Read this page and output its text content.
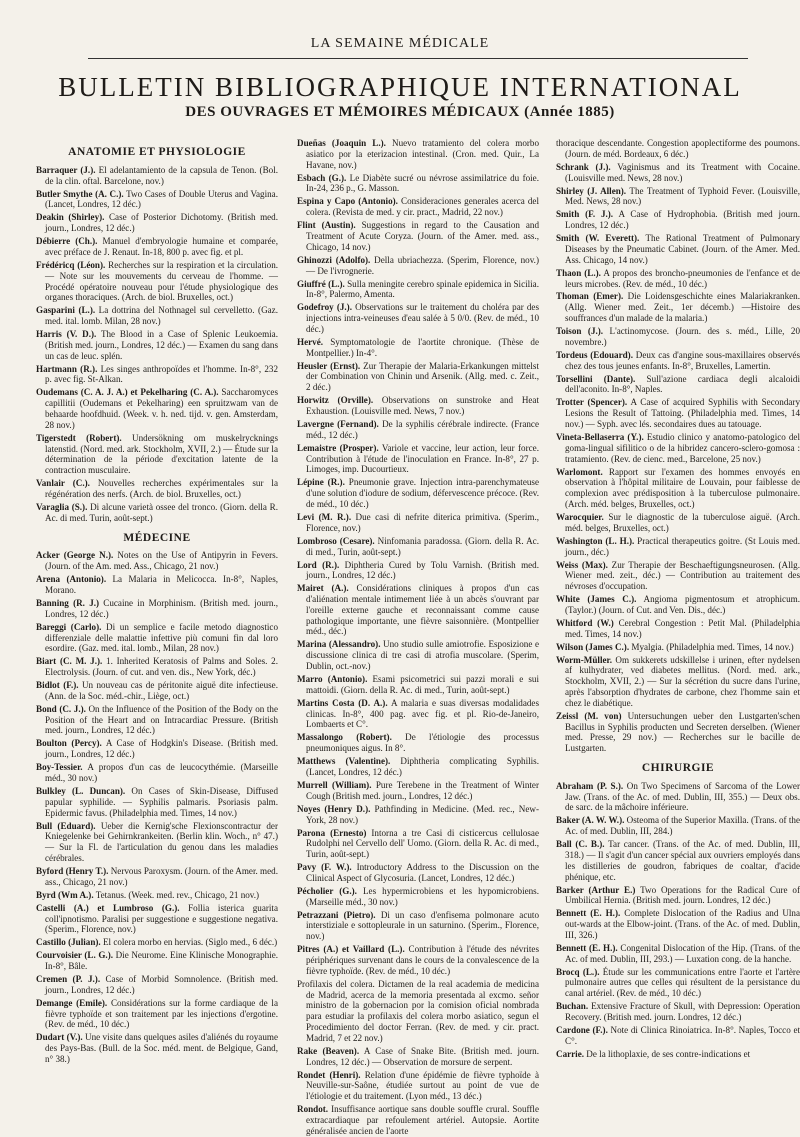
LA SEMAINE MÉDICALE
BULLETIN BIBLIOGRAPHIQUE INTERNATIONAL
DES OUVRAGES ET MÉMOIRES MÉDICAUX (Année 1885)
ANATOMIE ET PHYSIOLOGIE
Barraquer (J.). El adelantamiento de la capsula de Tenon. (Bol. de la clin. oftal. Barcelone, nov.)
Butler Smythe (A. C.). Two Cases of Double Uterus and Vagina. (Lancet, Londres, 12 déc.)
Deakin (Shirley). Case of Posterior Dichotomy. (British med. journ., Londres, 12 déc.)
Débierre (Ch.). Manuel d'embryologie humaine et comparée, avec préface de J. Renaut. In-18, 800 p. avec fig. et pl.
Frédéricq (Léon). Recherches sur la respiration et la circulation. — Note sur les mouvements du cerveau de l'homme. — Procédé opératoire nouveau pour l'étude physiologique des organes thoraciques. (Arch. de biol. Bruxelles, oct.)
Gasparini (L.). La dottrina del Nothnagel sul cervelletto. (Gaz. med. ital. lomb. Milan, 28 nov.)
Harris (V. D.). The Blood in a Case of Splenic Leukoemia. (British med. journ., Londres, 12 déc.) — Examen du sang dans un cas de leuc. splén.
Hartmann (R.). Les singes anthropoïdes et l'homme. In-8°, 232 p. avec fig. St-Alkan.
Oudemans (C. A. J. A.) et Pekelharing (C. A.). Saccharomyces capillitii (Oudemans et Pekelharing) een spruitzwam van de behaarde hoofdhuid. (Week. v. h. ned. tijd. v. gen. Amsterdam, 28 nov.)
Tigerstedt (Robert). Undersökning om muskelrycknings latenstid. (Nord. med. ark. Stockholm, XVII, 2.) — Étude sur la détermination de la période d'excitation latente de la contraction musculaire.
Vanlair (C.). Nouvelles recherches expérimentales sur la régénération des nerfs. (Arch. de biol. Bruxelles, oct.)
Varaglia (S.). Di alcune varietà ossee del tronco. (Giorn. della R. Ac. di med. Turin, août-sept.)
MÉDECINE
Acker (George N.). Notes on the Use of Antipyrin in Fevers. (Journ. of the Am. med. Ass., Chicago, 21 nov.)
Arena (Antonio). La Malaria in Melicocca. In-8°, Naples, Morano.
Banning (R. J.) Cucaine in Morphinism. (British med. journ., Londres, 12 déc.)
Bareggi (Carlo). Di un semplice e facile metodo diagnostico differenziale delle malattie infettive più comuni fin dal loro esordire. (Gaz. med. ital. lomb., Milan, 28 nov.)
Biart (C. M. J.). 1. Inherited Keratosis of Palms and Soles. 2. Electrolysis. (Journ. of cut. and ven. dis., New York, déc.)
Bidlot (F.). Un nouveau cas de péritonite aiguë dite infectieuse. (Ann. de la Soc. méd.-chir., Liège, oct.)
Bond (C. J.). On the Influence of the Position of the Body on the Position of the Heart and on Intracardiac Pressure. (British med. journ., Londres, 12 déc.)
Boulton (Percy). A Case of Hodgkin's Disease. (British med. journ., Londres, 12 déc.)
Boy-Tessier. A propos d'un cas de leucocythémie. (Marseille méd., 30 nov.)
Bulkley (L. Duncan). On Cases of Skin-Disease, Diffused papular syphilide. — Syphilis palmaris. Psoriasis palm. Epidermic favus. (Philadelphia med. Times, 14 nov.)
Bull (Eduard). Ueber die Kernig'sche Flexionscontractur der Kniegelenke bei Gehirnkrankeiten. (Berlin klin. Woch., n° 47.) — Sur la Fl. de l'articulation du genou dans les maladies cérébrales.
Byford (Henry T.). Nervous Paroxysm. (Journ. of the Amer. med. ass., Chicago, 21 nov.)
Byrd (Wm A.). Tetanus. (Week. med. rev., Chicago, 21 nov.)
Castelli (A.) et Lumbroso (G.). Follia isterica guarita coll'ipnotismo. Paralisi per suggestione e suggestione negativa. (Sperim., Florence, nov.)
Castillo (Julian). El colera morbo en hervias. (Siglo med., 6 déc.)
Courvoisier (L. G.). Die Neurome. Eine Klinische Monographie. In-8°, Bâle.
Cremen (P. J.). Case of Morbid Somnolence. (British med. journ., Londres, 12 déc.)
Demange (Emile). Considérations sur la forme cardiaque de la fièvre typhoïde et son traitement par les injections d'ergotine. (Rev. de méd., 10 déc.)
Dudart (V.). Une visite dans quelques asiles d'aliénés du royaume des Pays-Bas. (Bull. de la Soc. méd. ment. de Belgique, Gand, n° 38.)
Dueñas (Joaquin L.). Nuevo tratamiento del colera morbo asiatico por la eterizacion intestinal. (Cron. med. Quir., La Havane, nov.)
Esbach (G.). Le Diabète sucré ou névrose assimilatrice du foie. In-24, 236 p., G. Masson.
Espina y Capo (Antonio). Consideraciones generales acerca del colera. (Revista de med. y cir. pract., Madrid, 22 nov.)
Flint (Austin). Suggestions in regard to the Causation and Treatment of Acute Coryza. (Journ. of the Amer. med. ass., Chicago, 14 nov.)
Ghinozzi (Adolfo). Della ubriachezza. (Sperim, Florence, nov.) — De l'ivrognerie.
Giuffré (L.). Sulla meningite cerebro spinale epidemica in Sicilia. In-8°, Palermo, Amenta.
Godefroy (J.). Observations sur le traitement du choléra par des injections intra-veineuses d'eau salée à 5 0/0. (Rev. de méd., 10 déc.)
Hervé. Symptomatologie de l'aortite chronique. (Thèse de Montpellier.) In-4°.
Heusler (Ernst). Zur Therapie der Malaria-Erkankungen mittelst der Combination von Chinin und Arsenik. (Allg. med. c. Zeit., 2 déc.)
Horwitz (Orville). Observations on sunstroke and Heat Exhaustion. (Louisville med. News, 7 nov.)
Lavergne (Fernand). De la syphilis cérébrale indirecte. (France méd., 12 déc.)
Lemaistre (Prosper). Variole et vaccine, leur action, leur force. Contribution à l'étude de l'inoculation en France. In-8°, 27 p. Limoges, imp. Ducourtieux.
Lépine (R.). Pneumonie grave. Injection intra-parenchymateuse d'une solution d'iodure de sodium, défervescence précoce. (Rev. de méd., 10 déc.)
Levi (M. R.). Due casi di nefrite diterica primitiva. (Sperim., Florence, nov.)
Lombroso (Cesare). Ninfomania paradossa. (Giorn. della R. Ac. di med., Turin, août-sept.)
Lord (R.). Diphtheria Cured by Tolu Varnish. (British med. journ., Londres, 12 déc.)
Mairet (A.). Considérations cliniques à propos d'un cas d'aliénation mentale intimement liée à un abcès s'ouvrant par l'oreille externe gauche et reconnaissant comme cause pathologique importante, une fièvre saisonnière. (Montpellier méd., déc.)
Marina (Alessandro). Uno studio sulle amiotrofie. Esposizione e discussione clinica di tre casi di atrofia muscolare. (Sperim, Dublin, oct.-nov.)
Marro (Antonio). Esami psicometrici sui pazzi morali e sui mattoidi. (Giorn. della R. Ac. di med., Turin, août-sept.)
Martins Costa (D. A.). A malaria e suas diversas modalidades clinicas. In-8°, 400 pag. avec fig. et pl. Rio-de-Janeiro, Lombaerts et C°.
Massalongo (Robert). De l'étiologie des processus pneumoniques aigus. In 8°.
Matthews (Valentine). Diphtheria complicating Syphilis. (Lancet, Londres, 12 déc.)
Murrell (William). Pure Terebene in the Treatment of Winter Cough (British med. journ., Londres, 12 déc.)
Noyes (Henry D.). Pathfinding in Medicine. (Med. rec., New-York, 28 nov.)
Parona (Ernesto) Intorna a tre Casi di cisticercus cellulosae Rudolphi nel Cervello dell' Uomo. (Giorn. della R. Ac. di med., Turin, août-sept.)
Pavy (F. W.). Introductory Address to the Discussion on the Clinical Aspect of Glycosuria. (Lancet, Londres, 12 déc.)
Pécholier (G.). Les hypermicrobiens et les hypomicrobiens. (Marseille méd., 30 nov.)
Petrazzani (Pietro). Di un caso d'enfisema polmonare acuto interstiziale e sottopleurale in un saturnino. (Sperim., Florence, nov.)
Pitres (A.) et Vaillard (L.). Contribution à l'étude des névrites périphériques survenant dans le cours de la convalescence de la fièvre typhoïde. (Rev. de méd., 10 déc.)
Profilaxis del colera. Dictamen de la real academia de medicina de Madrid, acerca de la memoria presentada al excmo. señor ministro de la gobernacion por la comision oficial nombrada para estudiar la profilaxis del colera morbo asiatico, segun el Procedimiento del doctor Ferran. (Rev. de med. y cir. pract. Madrid, 7 et 22 nov.)
Rake (Beaven). A Case of Snake Bite. (British med. journ. Londres, 12 déc.) — Observation de morsure de serpent.
Rondet (Henri). Relation d'une épidémie de fièvre typhoïde à Neuville-sur-Saône, étudiée surtout au point de vue de l'étiologie et du traitement. (Lyon méd., 13 déc.)
Rondot. Insuffisance aortique sans double souffle crural. Souffle extracardiaque par refoulement artériel. Autopsie. Aortite généralisée ancien de l'aorte
thoracique descendante. Congestion apoplectiforme des poumons. (Journ. de méd. Bordeaux, 6 déc.)
Schrank (J.). Vaginismus and its Treatment with Cocaine. (Louisville med. News, 28 nov.)
Shirley (J. Allen). The Treatment of Typhoid Fever. (Louisville, Med. News, 28 nov.)
Smith (F. J.). A Case of Hydrophobia. (British med journ. Londres, 12 déc.)
Smith (W. Everett). The Rational Treatment of Pulmonary Diseases by the Pneumatic Cabinet. (Journ. of the Amer. Med. Ass. Chicago, 14 nov.)
Thaon (L.). A propos des broncho-pneumonies de l'enfance et de leurs microbes. (Rev. de méd., 10 déc.)
Thoman (Emer). Die Loidensgeschichte eines Malariakranken. (Allg. Wiener med. Zeit., 1er décemb.) —Histoire des souffrances d'un malade de la malaria.)
Toison (J.). L'actinomycose. (Journ. des s. méd., Lille, 20 novembre.)
Tordeus (Edouard). Deux cas d'angine sous-maxillaires observés chez des tous jeunes enfants. In-8°, Bruxelles, Lamertin.
Torsellini (Dante). Sull'azione cardiaca degli alcaloidi dell'aconito. In-8°, Naples.
Trotter (Spencer). A Case of acquired Syphilis with Secondary Lesions the Result of Tattoing. (Philadelphia med. Times, 14 nov.) — Syph. avec lés. secondaires dues au tatouage.
Vineta-Bellaserra (Y.). Estudio clinico y anatomo-patologico del goma-lingual sifilitico o de la hibridez cancero-sclero-gomosa : tratamiento. (Rev. de cienc. med., Barcelone, 25 nov.)
Warlomont. Rapport sur l'examen des hommes envoyés en observation à l'hôpital militaire de Louvain, pour faiblesse de complexion avec prédisposition à la tuberculose pulmonaire. (Arch. méd. belges, Bruxelles, oct.)
Warocquier. Sur le diagnostic de la tuberculose aiguë. (Arch. méd. belges, Bruxelles, oct.)
Washington (L. H.). Practical therapeutics goitre. (St Louis med. journ., déc.)
Weiss (Max). Zur Therapie der Beschaeftigungsneurosen. (Allg. Wiener med. zeit., déc.) — Contribution au traitement des névroses d'occupation.
White (James C.). Angioma pigmentosum et atrophicum. (Taylor.) (Journ. of Cut. and Ven. Dis., déc.)
Whitford (W.) Cerebral Congestion : Petit Mal. (Philadelphia med. Times, 14 nov.)
Wilson (James C.). Myalgia. (Philadelphia med. Times, 14 nov.)
Worm-Müller. Om sukkerets udskillelse i urinen, efter nydelsen af kulhydrater, ved diabetes mellitus. (Nord. med. ark., Stockholm, XVII, 2.) — Sur la sécrétion du sucre dans l'urine, après l'absorption d'hydrates de carbone, chez l'homme sain et chez le diabétique.
Zeissl (M. von) Untersuchungen ueber den Lustgarten'schen Bacillus in Syphilis producten und Secreten derselben. (Wiener med. Presse, 29 nov.) — Recherches sur le bacille de Lustgarten.
CHIRURGIE
Abraham (P. S.). On Two Specimens of Sarcoma of the Lower Jaw. (Trans. of the Ac. of med. Dublin, III, 355.) — Deux obs. de sarc. de la mâchoire inférieure.
Baker (A. W. W.). Osteoma of the Superior Maxilla. (Trans. of the Ac. of med. Dublin, III, 284.)
Ball (C. B.). Tar cancer. (Trans. of the Ac. of med. Dublin, III, 318.) — Il s'agit d'un cancer spécial aux ouvriers employés dans les distilleries de goudron, fabriques de coaltar, d'acide phénique, etc.
Barker (Arthur E.) Two Operations for the Radical Cure of Umbilical Hernia. (British med. journ. Londres, 12 déc.)
Bennett (E. H.). Complete Dislocation of the Radius and Ulna out-wards at the Elbow-joint. (Trans. of the Ac. of med. Dublin, III, 326.)
Bennett (E. H.). Congenital Dislocation of the Hip. (Trans. of the Ac. of med. Dublin, III, 293.) — Luxation cong. de la hanche.
Brocq (L.). Étude sur les communications entre l'aorte et l'artère pulmonaire autres que celles qui résultent de la persistance du canal artériel. (Rev. de méd., 10 déc.)
Buchan. Extensive Fracture of Skull, with Depression: Operation Recovery. (British med. journ. Londres, 12 déc.)
Cardone (F.). Note di Clinica Rinoiatrica. In-8°. Naples, Tocco et C°.
Carrie. De la lithoplaxie, de ses contre-indications et
